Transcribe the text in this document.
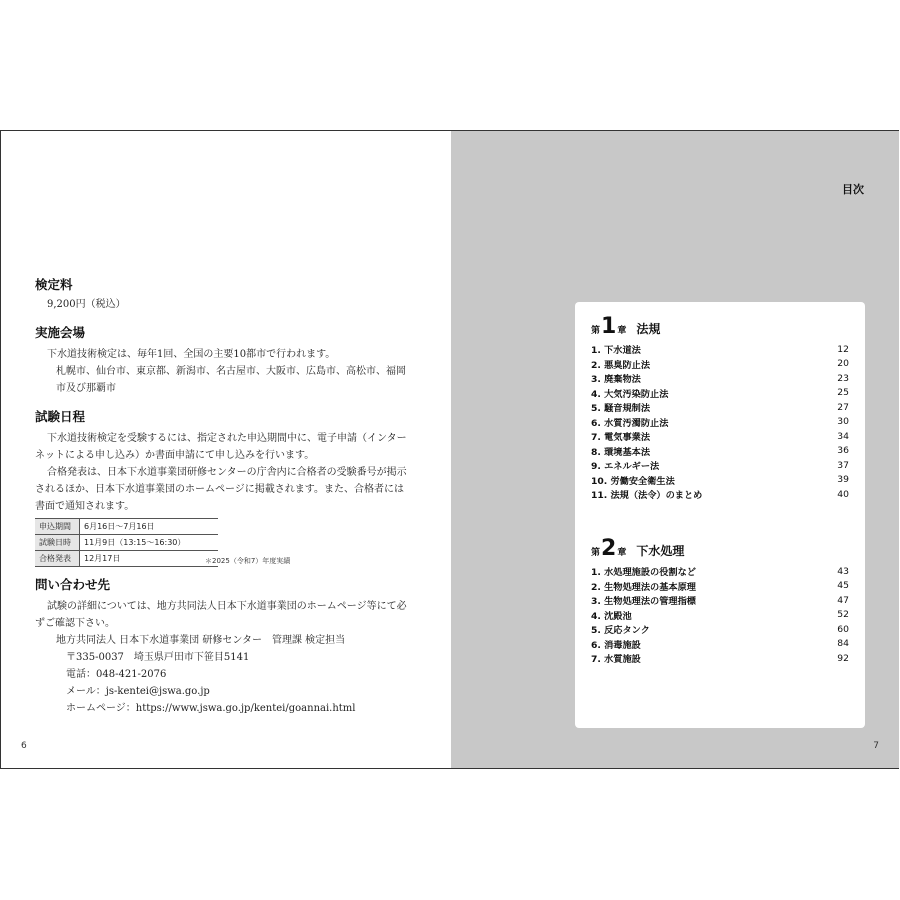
検定料

9,200円（税込）

実施会場

下水道技術検定は、毎年1回、全国の主要10都市で行われます。

札幌市、仙台市、東京都、新潟市、名古屋市、大阪市、広島市、高松市、福岡

市及び那覇市

試験日程

下水道技術検定を受験するには、指定された申込期間中に、電子申請（インター

ネットによる申し込み）か書面申請にて申し込みを行います。

合格発表は、日本下水道事業団研修センターの庁舎内に合格者の受験番号が掲示

されるほか、日本下水道事業団のホームページに掲載されます。また、合格者には

書面で通知されます。

申込期間	6月16日～7月16日
試験日時	11月9日（13:15～16:30）
合格発表	12月17日	＊2025（令和7）年度実績
問い合わせ先

試験の詳細については、地方共同法人日本下水道事業団のホームページ等にて必

ずご確認下さい。

地方共同法人 日本下水道事業団 研修センター　管理課 検定担当

〒335-0037　埼玉県戸田市下笹目5141

電話：048-421-2076

メール：js-kentei@jswa.go.jp

ホームページ：https://www.jswa.go.jp/kentei/goannai.html

6
目次
第 1 章 法規
1. 下水道法	12
2. 悪臭防止法	20
3. 廃棄物法	23
4. 大気汚染防止法	25
5. 騒音規制法	27
6. 水質汚濁防止法	30
7. 電気事業法	34
8. 環境基本法	36
9. エネルギー法	37
10. 労働安全衛生法	39
11. 法規（法令）のまとめ	40
第 2 章 下水処理
1. 水処理施設の役割など	43
2. 生物処理法の基本原理	45
3. 生物処理法の管理指標	47
4. 沈殿池	52
5. 反応タンク	60
6. 消毒施設	84
7. 水質施設	92
7
